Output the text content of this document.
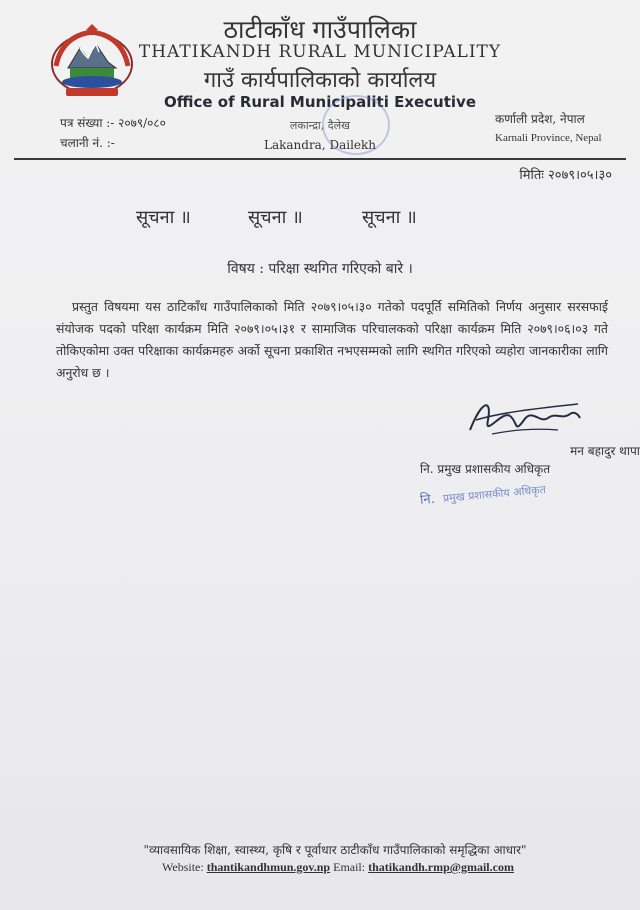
ठाटीकाँध गाउँपालिका
THATIKANDH RURAL MUNICIPALITY
गाउँ कार्यपालिकाको कार्यालय
Office of Rural Municipaliti Executive
पत्र संख्या :- २०७९/०८०
चलानी नं. :-
लकान्द्रा, दैलेख
Lakandra, Dailekh
कर्णाली प्रदेश, नेपाल
Karnali Province, Nepal
मितिः २०७९।०५।३०
सूचना ॥	सूचना ॥	सूचना ॥
विषय : परिक्षा स्थगित गरिएको बारे ।
प्रस्तुत विषयमा यस ठाटिकाँध गाउँपालिकाको मिति २०७९।०५।३० गतेको पदपूर्ति समितिको निर्णय अनुसार सरसफाई संयोजक पदको परिक्षा कार्यक्रम मिति २०७९।०५।३१ र सामाजिक परिचालकको परिक्षा कार्यक्रम मिति २०७९।०६।०३ गते तोकिएकोमा उक्त परिक्षाका कार्यक्रमहरु अर्को सूचना प्रकाशित नभएसम्मको लागि स्थगित गरिएको व्यहोरा जानकारीका लागि अनुरोध छ ।
मन बहादुर थापा
नि. प्रमुख प्रशासकीय अधिकृत
नि. प्रमुख प्रशासकीय अधिकृत
"व्यावसायिक शिक्षा, स्वास्थ्य, कृषि र पूर्वाधार ठाटीकाँध गाउँपालिकाको समृद्धिका आधार"
Website: thantikandhmun.gov.np Email: thatikandh.rmp@gmail.com
